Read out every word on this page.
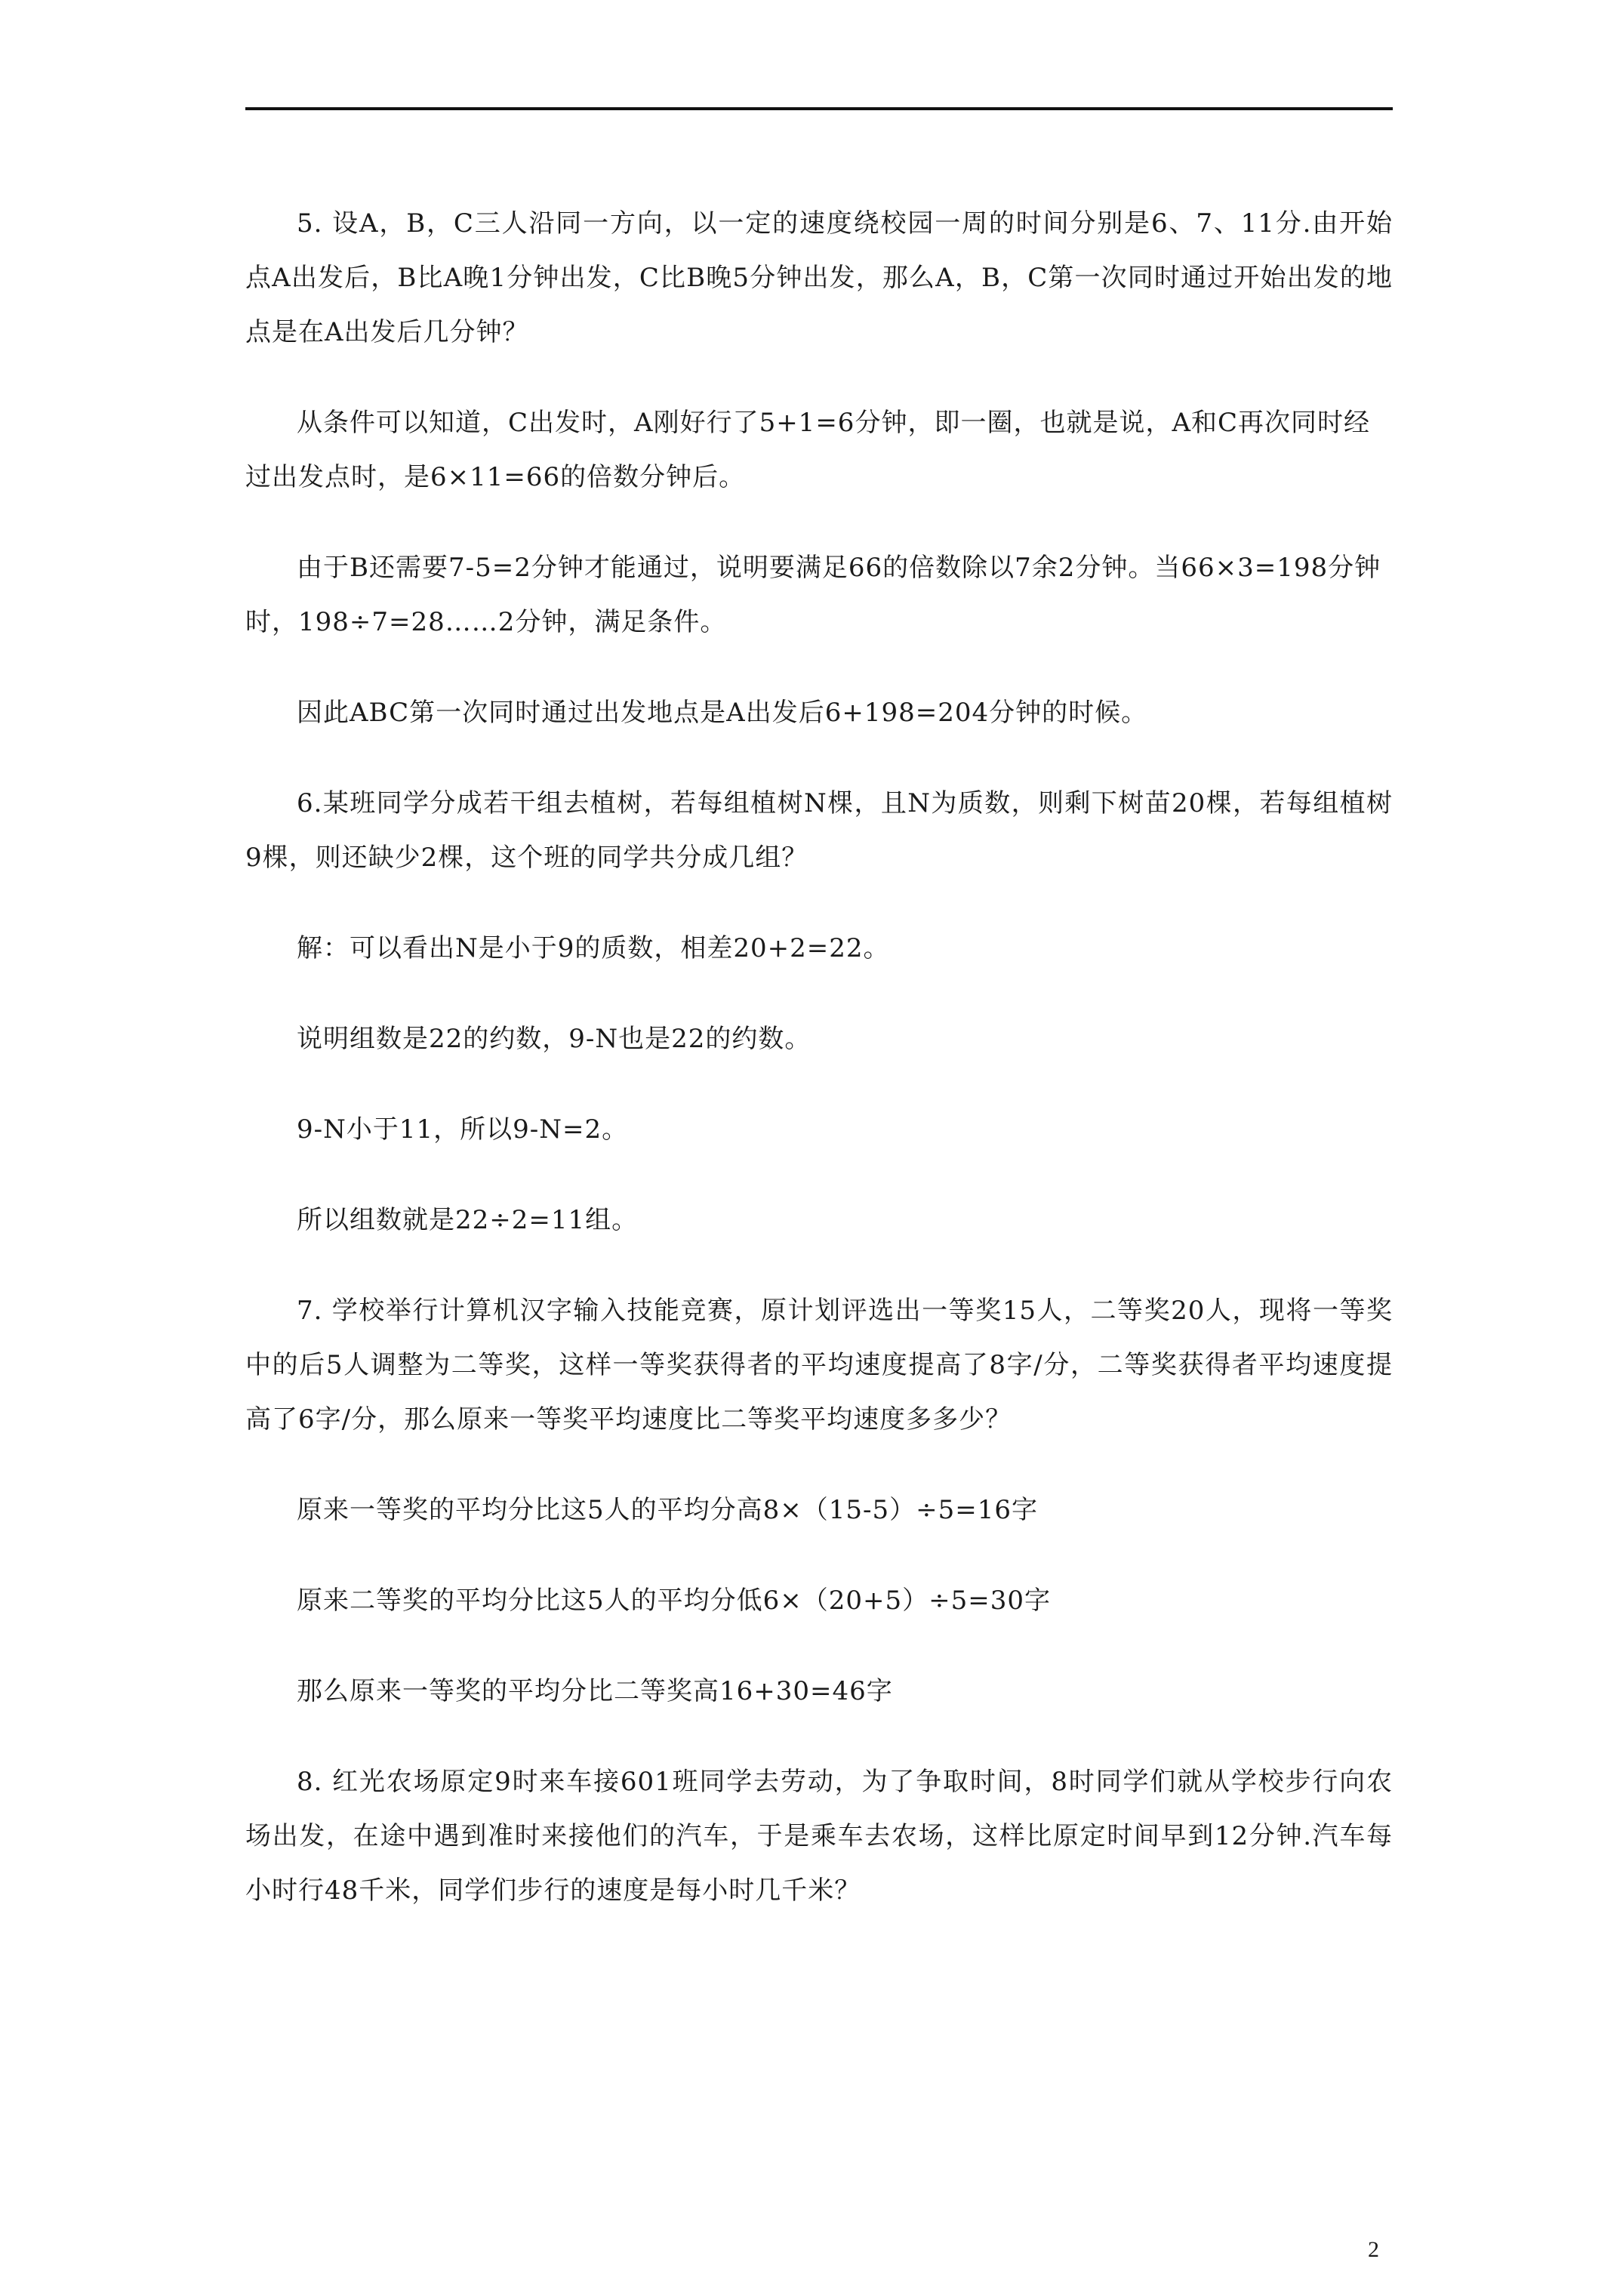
5. 设A，B，C三人沿同一方向，以一定的速度绕校园一周的时间分别是6、7、11分.由开始点A出发后，B比A晚1分钟出发，C比B晚5分钟出发，那么A，B，C第一次同时通过开始出发的地点是在A出发后几分钟？

从条件可以知道，C出发时，A刚好行了5+1=6分钟，即一圈，也就是说，A和C再次同时经过出发点时，是6×11=66的倍数分钟后。

由于B还需要7-5=2分钟才能通过，说明要满足66的倍数除以7余2分钟。当66×3=198分钟时，198÷7=28……2分钟，满足条件。

因此ABC第一次同时通过出发地点是A出发后6+198=204分钟的时候。

6.某班同学分成若干组去植树，若每组植树N棵，且N为质数，则剩下树苗20棵，若每组植树9棵，则还缺少2棵，这个班的同学共分成几组？

解：可以看出N是小于9的质数，相差20+2=22。

说明组数是22的约数，9-N也是22的约数。

9-N小于11，所以9-N=2。

所以组数就是22÷2=11组。

7. 学校举行计算机汉字输入技能竞赛，原计划评选出一等奖15人，二等奖20人，现将一等奖中的后5人调整为二等奖，这样一等奖获得者的平均速度提高了8字/分，二等奖获得者平均速度提高了6字/分，那么原来一等奖平均速度比二等奖平均速度多多少？

原来一等奖的平均分比这5人的平均分高8×（15-5）÷5=16字

原来二等奖的平均分比这5人的平均分低6×（20+5）÷5=30字

那么原来一等奖的平均分比二等奖高16+30=46字

8. 红光农场原定9时来车接601班同学去劳动，为了争取时间，8时同学们就从学校步行向农场出发，在途中遇到准时来接他们的汽车，于是乘车去农场，这样比原定时间早到12分钟.汽车每小时行48千米，同学们步行的速度是每小时几千米？

2
